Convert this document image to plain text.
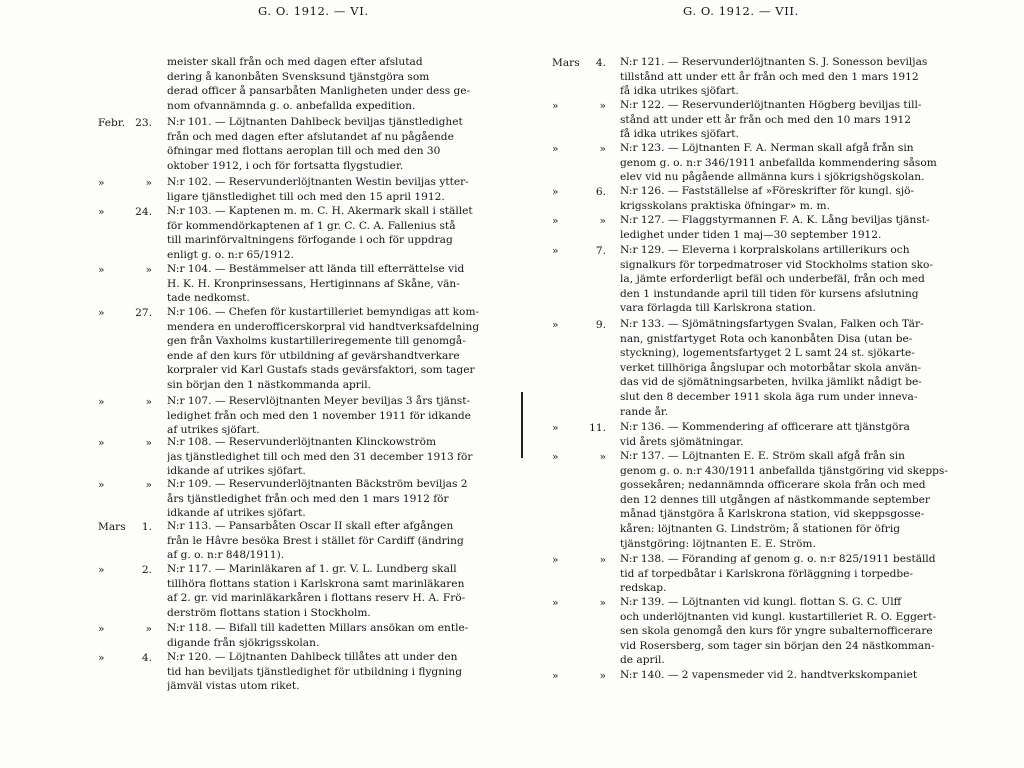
G. O. 1912. — VI.	G. O. 1912. — VII.
meister skall från och med dagen efter afslutad
dering å kanonbåten Svensksund tjänstgöra som
derad officer å pansarbåten Manligheten under dess ge-
nom ofvannämnda g. o. anbefallda expedition.
Febr. 23. N:r 101. — Löjtnanten Dahlbeck beviljas tjänstledighet
från och med dagen efter afslutandet af nu pågående
öfningar med flottans aeroplan till och med den 30
oktober 1912, i och för fortsatta flygstudier.
»	» N:r 102. — Reservunderlöjtnanten Westin beviljas ytter-
ligare tjänstledighet till och med den 15 april 1912.
»	24. N:r 103. — Kaptenen m. m. C. H. Akermark skall i stället
för kommendörkaptenen af 1 gr. C. C. A. Fallenius stå
till marinförvaltningens förfogande i och för uppdrag
enligt g. o. n:r 65/1912.
»	» N:r 104. — Bestämmelser att lända till efterrättelse vid
H. K. H. Kronprinsessans, Hertiginnans af Skåne, vän-
tade nedkomst.
»	27. N:r 106. — Chefen för kustartilleriet bemyndigas att kom-
mendera en underofficerskorpral vid handtverksafdelning
gen från Vaxholms kustartilleriregemente till genomgå-
ende af den kurs för utbildning af gevärshandtverkare
korpraler vid Karl Gustafs stads gevärsfaktori, som tager
sin början den 1 nästkommanda april.
»	» N:r 107. — Reservlöjtnanten Meyer beviljas 3 års tjänst-
ledighet från och med den 1 november 1911 för idkande
af utrikes sjöfart.
»	» N:r 108. — Reservunderlöjtnanten Klinckowström
jas tjänstledighet till och med den 31 december 1913 för
idkande af utrikes sjöfart.
»	» N:r 109. — Reservunderlöjtnanten Bäckström beviljas 2
års tjänstledighet från och med den 1 mars 1912 för
idkande af utrikes sjöfart.
Mars	1. N:r 113. — Pansarbåten Oscar II skall efter afgången
från le Hâvre besöka Brest i stället för Cardiff (ändring
af g. o. n:r 848/1911).
»	2. N:r 117. — Marinläkaren af 1. gr. V. L. Lundberg skall
tillhöra flottans station i Karlskrona samt marinläkaren
af 2. gr. vid marinläkarkåren i flottans reserv H. A. Frö-
derström flottans station i Stockholm.
»	» N:r 118. — Bifall till kadetten Millars ansökan om entle-
digande från sjökrigsskolan.
»	4. N:r 120. — Löjtnanten Dahlbeck tillåtes att under den
tid han beviljats tjänstledighet för utbildning i flygning
jämväl vistas utom riket.
Mars	4. N:r 121. — Reservunderlöjtnanten S. J. Sonesson beviljas
tillstånd att under ett år från och med den 1 mars 1912
få idka utrikes sjöfart.
»	» N:r 122. — Reservunderlöjtnanten Högberg beviljas till-
stånd att under ett år från och med den 10 mars 1912
få idka utrikes sjöfart.
»	» N:r 123. — Löjtnanten F. A. Nerman skall afgå från sin
genom g. o. n:r 346/1911 anbefallda kommendering såsom
elev vid nu pågående allmänna kurs i sjökrigshögskolan.
»	6. N:r 126. — Fastställelse af »Föreskrifter för kungl. sjö-
krigsskolans praktiska öfningar» m. m.
»	» N:r 127. — Flaggstyrmannen F. A. K. Lång beviljas tjänst-
ledighet under tiden 1 maj—30 september 1912.
»	7. N:r 129. — Eleverna i korpralskolans artillerikurs och
signalkurs för torpedmatroser vid Stockholms station sko-
la, jämte erforderligt befäl och underbefäl, från och med
den 1 instundande april till tiden för kursens afslutning
vara förlagda till Karlskrona station.
»	9. N:r 133. — Sjömätningsfartygen Svalan, Falken och Tär-
nan, gnistfartyget Rota och kanonbåten Disa (utan be-
styckning), logementsfartyget 2 L samt 24 st. sjökarte-
verket tillhöriga ångslupar och motorbåtar skola använ-
das vid de sjömätningsarbeten, hvilka jämlikt nådigt be-
slut den 8 december 1911 skola äga rum under inneva-
rande år.
»	11. N:r 136. — Kommendering af officerare att tjänstgöra
vid årets sjömätningar.
»	» N:r 137. — Löjtnanten E. E. Ström skall afgå från sin
genom g. o. n:r 430/1911 anbefallda tjänstgöring vid skepps-
gossekåren; nedannämnda officerare skola från och med
den 12 dennes till utgången af nästkommande september
månad tjänstgöra å Karlskrona station, vid skeppsgosse-
kåren: löjtnanten G. Lindström; å stationen för öfrig
tjänstgöring: löjtnanten E. E. Ström.
»	» N:r 138. — Föranding af genom g. o. n:r 825/1911 beställd
tid af torpedbåtar i Karlskrona förläggning i torpedbe-
redskap.
»	» N:r 139. — Löjtnanten vid kungl. flottan S. G. C. Ulff
och underlöjtnanten vid kungl. kustartilleriet R. O. Eggert-
sen skola genomgå den kurs för yngre subalternofficerare
vid Rosersberg, som tager sin början den 24 nästkomman-
de april.
»	» N:r 140. — 2 vapensmeder vid 2. handtverkskompaniet
